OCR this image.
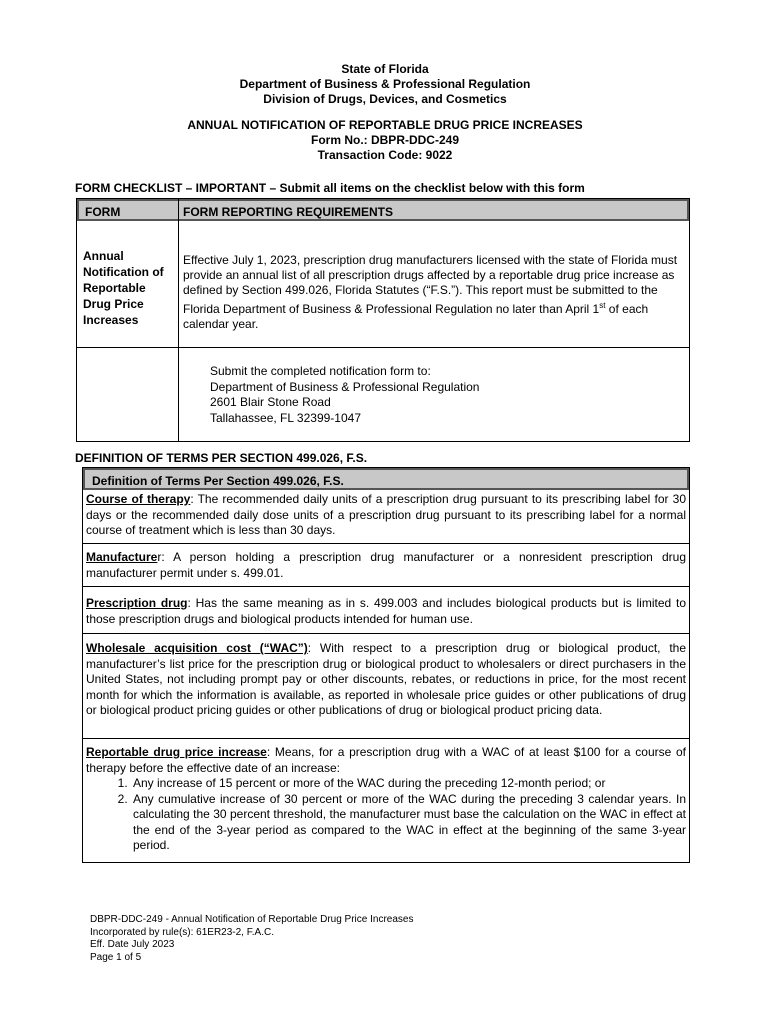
State of Florida
Department of Business & Professional Regulation
Division of Drugs, Devices, and Cosmetics
ANNUAL NOTIFICATION OF REPORTABLE DRUG PRICE INCREASES
Form No.: DBPR-DDC-249
Transaction Code: 9022
FORM CHECKLIST – IMPORTANT – Submit all items on the checklist below with this form
FORM	FORM REPORTING REQUIREMENTS
Annual
Notification of
Reportable
Drug Price
Increases
Effective July 1, 2023, prescription drug manufacturers licensed with the state of Florida must provide an annual list of all prescription drugs affected by a reportable drug price increase as defined by Section 499.026, Florida Statutes (“F.S.”). This report must be submitted to the Florida Department of Business & Professional Regulation no later than April 1st of each calendar year.
Submit the completed notification form to:
Department of Business & Professional Regulation
2601 Blair Stone Road
Tallahassee, FL 32399-1047
DEFINITION OF TERMS PER SECTION 499.026, F.S.
Definition of Terms Per Section 499.026, F.S.
Course of therapy: The recommended daily units of a prescription drug pursuant to its prescribing label for 30 days or the recommended daily dose units of a prescription drug pursuant to its prescribing label for a normal course of treatment which is less than 30 days.
Manufacturer: A person holding a prescription drug manufacturer or a nonresident prescription drug manufacturer permit under s. 499.01.
Prescription drug: Has the same meaning as in s. 499.003 and includes biological products but is limited to those prescription drugs and biological products intended for human use.
Wholesale acquisition cost (“WAC”): With respect to a prescription drug or biological product, the manufacturer’s list price for the prescription drug or biological product to wholesalers or direct purchasers in the United States, not including prompt pay or other discounts, rebates, or reductions in price, for the most recent month for which the information is available, as reported in wholesale price guides or other publications of drug or biological product pricing guides or other publications of drug or biological product pricing data.
Reportable drug price increase: Means, for a prescription drug with a WAC of at least $100 for a course of therapy before the effective date of an increase:
1. Any increase of 15 percent or more of the WAC during the preceding 12-month period; or
2. Any cumulative increase of 30 percent or more of the WAC during the preceding 3 calendar years. In calculating the 30 percent threshold, the manufacturer must base the calculation on the WAC in effect at the end of the 3-year period as compared to the WAC in effect at the beginning of the same 3-year period.
DBPR-DDC-249 - Annual Notification of Reportable Drug Price Increases
Incorporated by rule(s): 61ER23-2, F.A.C.
Eff. Date July 2023
Page 1 of 5
